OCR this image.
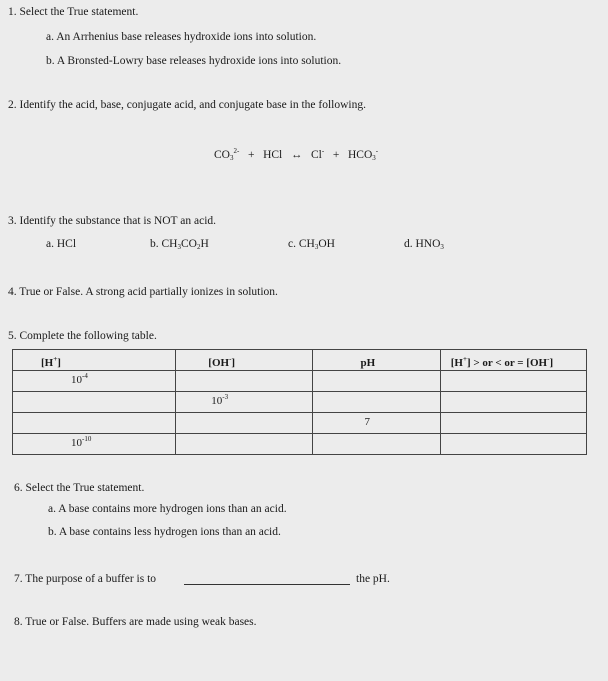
1. Select the True statement.
a. An Arrhenius base releases hydroxide ions into solution.
b. A Bronsted-Lowry base releases hydroxide ions into solution.
2. Identify the acid, base, conjugate acid, and conjugate base in the following.
$CO_3^{2-}$ + HCl ↔ $Cl^- + HCO_3^-$
3. Identify the substance that is NOT an acid.
a. HCl	b. $CH_3CO_2H$	c. $CH_3OH$	d. $HNO_3$
4. True or False. A strong acid partially ionizes in solution.
5. Complete the following table.
[H+]	[OH-]	pH	[H+] > or < or = [OH-]
$10^{-4}$			
	$10^{-3}$		
		7	
$10^{-10}$			
6. Select the True statement.
a. A base contains more hydrogen ions than an acid.
b. A base contains less hydrogen ions than an acid.
7. The purpose of a buffer is to	the pH.
8. True or False. Buffers are made using weak bases.
